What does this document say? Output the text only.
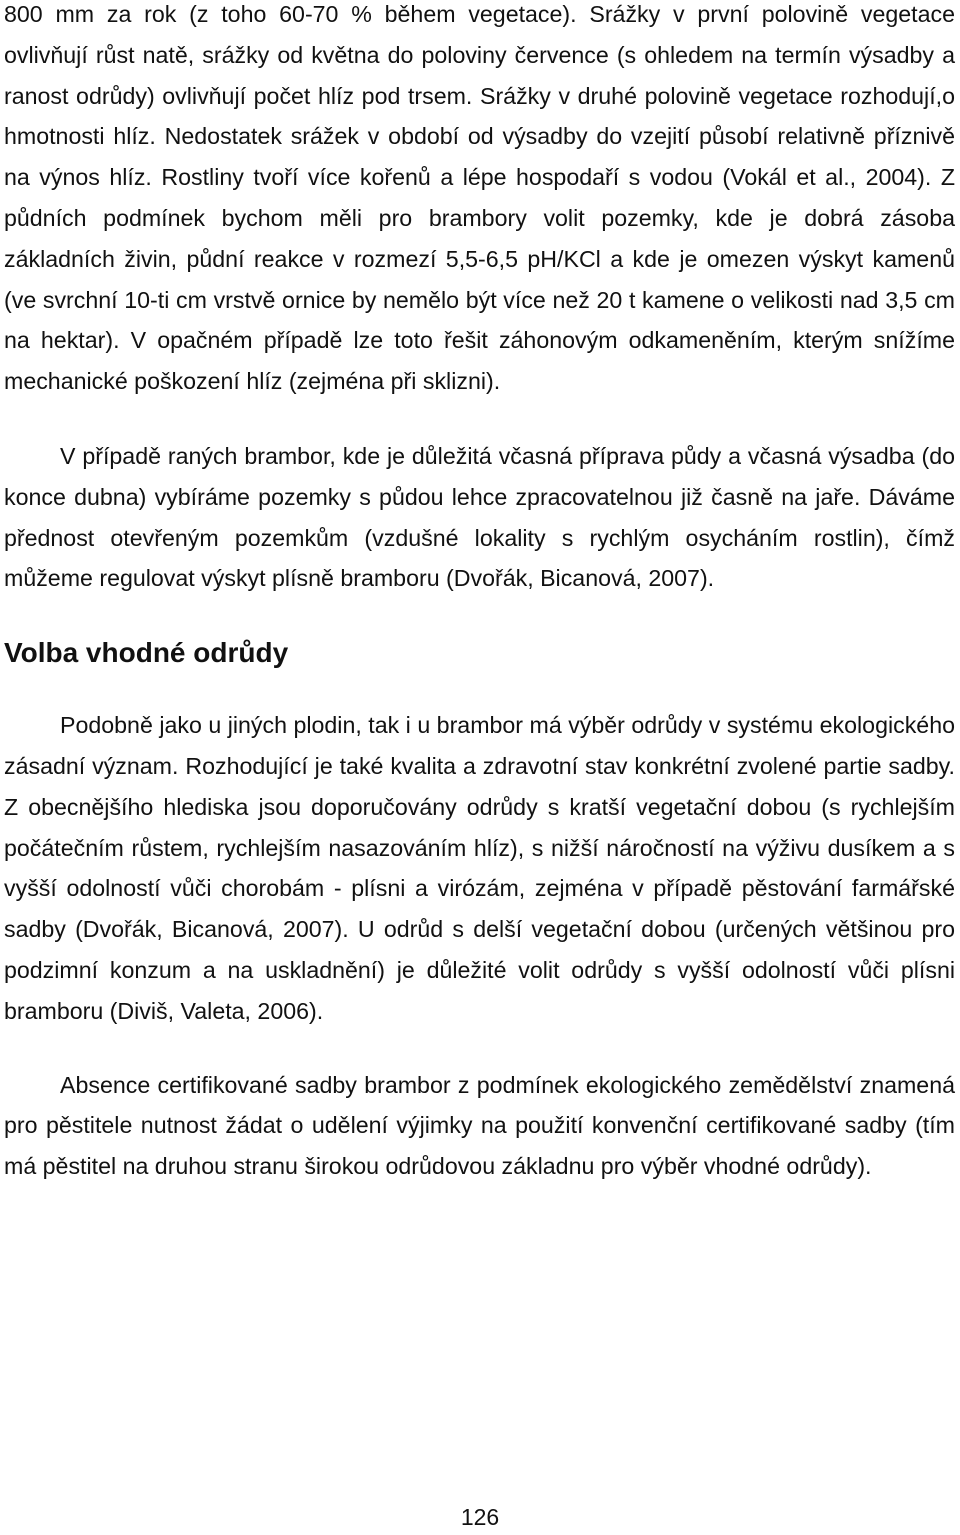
800 mm za rok (z toho 60-70 % během vegetace). Srážky v první polovině vegetace ovlivňují růst natě, srážky od května do poloviny července (s ohledem na termín výsadby a ranost odrůdy) ovlivňují počet hlíz pod trsem. Srážky v druhé polovině vegetace rozhodují,o hmotnosti hlíz. Nedostatek srážek v období od výsadby do vzejití působí relativně příznivě na výnos hlíz. Rostliny tvoří více kořenů a lépe hospodaří s vodou (Vokál et al., 2004). Z půdních podmínek bychom měli pro brambory volit pozemky, kde je dobrá zásoba základních živin, půdní reakce v rozmezí 5,5-6,5 pH/KCl a kde je omezen výskyt kamenů (ve svrchní 10-ti cm vrstvě ornice by nemělo být více než 20 t kamene o velikosti nad 3,5 cm na hektar). V opačném případě lze toto řešit záhonovým odkameněním, kterým snížíme mechanické poškození hlíz (zejména při sklizni).

V případě raných brambor, kde je důležitá včasná příprava půdy a včasná výsadba (do konce dubna) vybíráme pozemky s půdou lehce zpracovatelnou již časně na jaře. Dáváme přednost otevřeným pozemkům (vzdušné lokality s rychlým osycháním rostlin), čímž můžeme regulovat výskyt plísně bramboru (Dvořák, Bicanová, 2007).

Volba vhodné odrůdy

Podobně jako u jiných plodin, tak i u brambor má výběr odrůdy v systému ekologického zásadní význam. Rozhodující je také kvalita a zdravotní stav konkrétní zvolené partie sadby. Z obecnějšího hlediska jsou doporučovány odrůdy s kratší vegetační dobou (s rychlejším počátečním růstem, rychlejším nasazováním hlíz), s nižší náročností na výživu dusíkem a s vyšší odolností vůči chorobám - plísni a virózám, zejména v případě pěstování farmářské sadby (Dvořák, Bicanová, 2007). U odrůd s delší vegetační dobou (určených většinou pro podzimní konzum a na uskladnění) je důležité volit odrůdy s vyšší odolností vůči plísni bramboru (Diviš, Valeta, 2006).

Absence certifikované sadby brambor z podmínek ekologického zemědělství znamená pro pěstitele nutnost žádat o udělení výjimky na použití konvenční certifikované sadby (tím má pěstitel na druhou stranu širokou odrůdovou základnu pro výběr vhodné odrůdy).

126
